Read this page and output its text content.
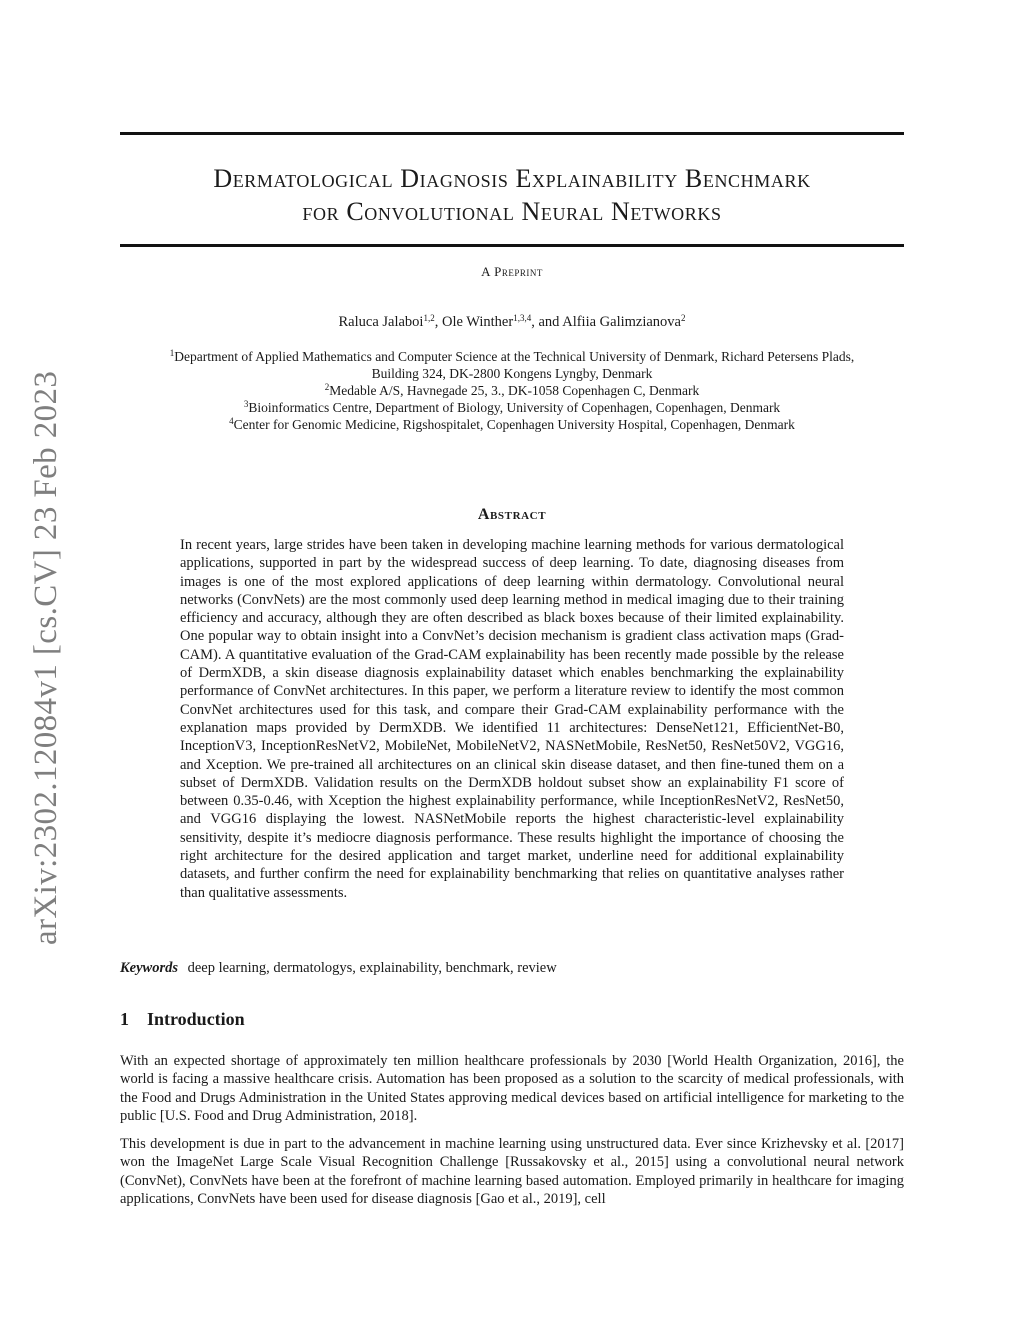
arXiv:2302.12084v1 [cs.CV] 23 Feb 2023
Dermatological Diagnosis Explainability Benchmark
for Convolutional Neural Networks
A Preprint
Raluca Jalaboi$^{1,2}$, Ole Winther$^{1,3,4}$, and Alfiia Galimzianova$^2$
$^1$Department of Applied Mathematics and Computer Science at the Technical University of Denmark, Richard Petersens Plads,
Building 324, DK-2800 Kongens Lyngby, Denmark
$^2$Medable A/S, Havnegade 25, 3., DK-1058 Copenhagen C, Denmark
$^3$Bioinformatics Centre, Department of Biology, University of Copenhagen, Copenhagen, Denmark
$^4$Center for Genomic Medicine, Rigshospitalet, Copenhagen University Hospital, Copenhagen, Denmark
Abstract
In recent years, large strides have been taken in developing machine learning methods for various dermatological applications, supported in part by the widespread success of deep learning. To date, diagnosing diseases from images is one of the most explored applications of deep learning within dermatology. Convolutional neural networks (ConvNets) are the most commonly used deep learning method in medical imaging due to their training efficiency and accuracy, although they are often described as black boxes because of their limited explainability. One popular way to obtain insight into a ConvNet’s decision mechanism is gradient class activation maps (Grad-CAM). A quantitative evaluation of the Grad-CAM explainability has been recently made possible by the release of DermXDB, a skin disease diagnosis explainability dataset which enables benchmarking the explainability performance of ConvNet architectures. In this paper, we perform a literature review to identify the most common ConvNet architectures used for this task, and compare their Grad-CAM explainability performance with the explanation maps provided by DermXDB. We identified 11 architectures: DenseNet121, EfficientNet-B0, InceptionV3, InceptionResNetV2, MobileNet, MobileNetV2, NASNetMobile, ResNet50, ResNet50V2, VGG16, and Xception. We pre-trained all architectures on an clinical skin disease dataset, and then fine-tuned them on a subset of DermXDB. Validation results on the DermXDB holdout subset show an explainability F1 score of between 0.35-0.46, with Xception the highest explainability performance, while InceptionResNetV2, ResNet50, and VGG16 displaying the lowest. NASNetMobile reports the highest characteristic-level explainability sensitivity, despite it’s mediocre diagnosis performance. These results highlight the importance of choosing the right architecture for the desired application and target market, underline need for additional explainability datasets, and further confirm the need for explainability benchmarking that relies on quantitative analyses rather than qualitative assessments.
Keywords deep learning, dermatologys, explainability, benchmark, review
1 Introduction
With an expected shortage of approximately ten million healthcare professionals by 2030 [World Health Organization, 2016], the world is facing a massive healthcare crisis. Automation has been proposed as a solution to the scarcity of medical professionals, with the Food and Drugs Administration in the United States approving medical devices based on artificial intelligence for marketing to the public [U.S. Food and Drug Administration, 2018].
This development is due in part to the advancement in machine learning using unstructured data. Ever since Krizhevsky et al. [2017] won the ImageNet Large Scale Visual Recognition Challenge [Russakovsky et al., 2015] using a convolutional neural network (ConvNet), ConvNets have been at the forefront of machine learning based automation. Employed primarily in healthcare for imaging applications, ConvNets have been used for disease diagnosis [Gao et al., 2019], cell
